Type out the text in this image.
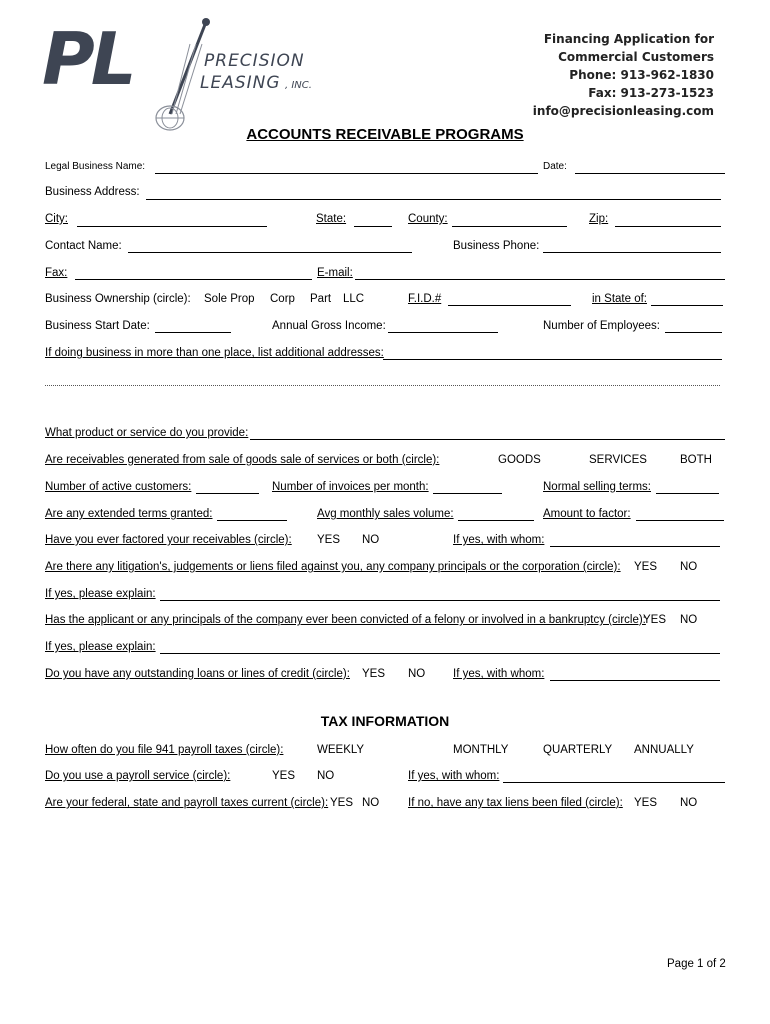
PL	PRECISION
LEASING , INC.
Financing Application for
Commercial Customers
Phone: 913-962-1830
Fax: 913-273-1523
info@precisionleasing.com
ACCOUNTS RECEIVABLE PROGRAMS
Legal Business Name:	Date:
Business Address:
City:	State:	County:	Zip:
Contact Name:	Business Phone:
Fax:	E-mail:
Business Ownership (circle): Sole Prop Corp Part LLC	F.I.D.#	in State of:
Business Start Date:	Annual Gross Income:	Number of Employees:
If doing business in more than one place, list additional addresses:
What product or service do you provide:
Are receivables generated from sale of goods sale of services or both (circle):	GOODS	SERVICES	BOTH
Number of active customers:	Number of invoices per month:	Normal selling terms:
Are any extended terms granted:	Avg monthly sales volume:	Amount to factor:
Have you ever factored your receivables (circle): YES NO	If yes, with whom:
Are there any litigation's, judgements or liens filed against you, any company principals or the corporation (circle): YES NO
If yes, please explain:
Has the applicant or any principals of the company ever been convicted of a felony or involved in a bankruptcy (circle):
YES NO
If yes, please explain:
Do you have any outstanding loans or lines of credit (circle): YES NO If yes, with whom:
TAX INFORMATION
How often do you file 941 payroll taxes (circle):	WEEKLY	MONTHLY	QUARTERLY ANNUALLY
Do you use a payroll service (circle):	YES NO	If yes, with whom:
Are your federal, state and payroll taxes current (circle): YES NO	If no, have any tax liens been filed (circle): YES NO
Page 1 of 2
